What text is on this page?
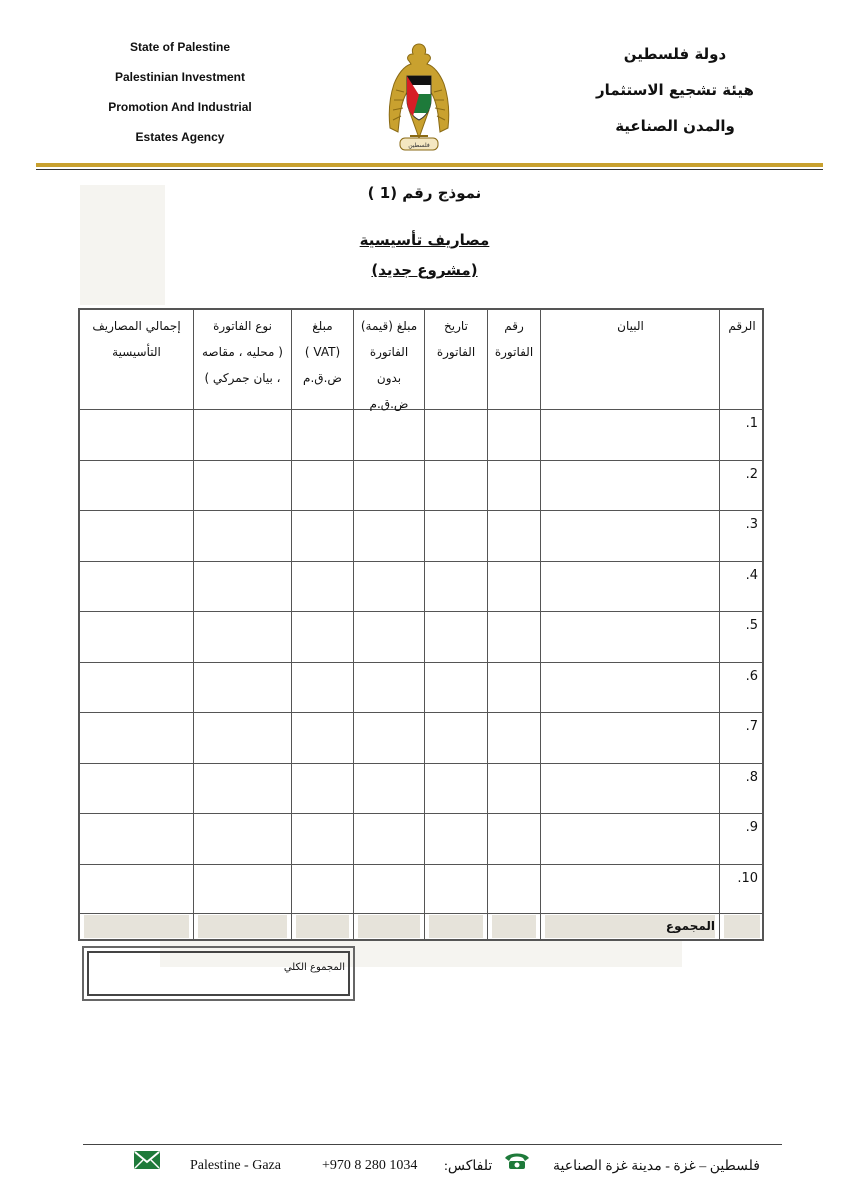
State of Palestine
Palestinian Investment
Promotion And Industrial
Estates Agency
فلسطين
دولة فلسطين
هيئة تشجيع الاستثمار
والمدن الصناعية
نموذج رقم (1 )
مصاريف تأسيسية
(مشروع جديد)
الرقم
البيان
رقم
الفاتورة
تاريخ
الفاتورة
مبلغ (قيمة)
الفاتورة
بدون
ض.ق.م
مبلغ
(VAT )
ض.ق.م
نوع الفاتورة
( محليه ، مقاصه
، بيان جمركي )
إجمالي المصاريف
التأسيسية
.1
.2
.3
.4
.5
.6
.7
.8
.9
.10
المجموع
المجموع الكلي
Palestine - Gaza	+970 8 280 1034 تلفاكس:	فلسطين – غزة - مدينة غزة الصناعية
